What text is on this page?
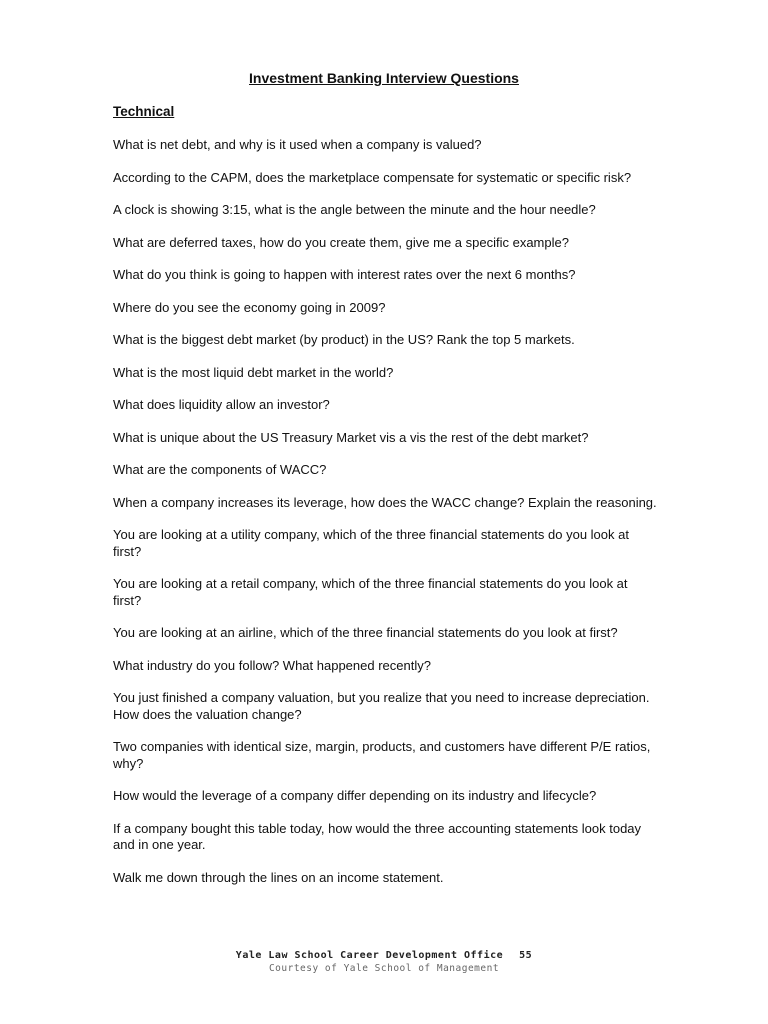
Investment Banking Interview Questions
Technical
What is net debt, and why is it used when a company is valued?
According to the CAPM, does the marketplace compensate for systematic or specific risk?
A clock is showing 3:15, what is the angle between the minute and the hour needle?
What are deferred taxes, how do you create them, give me a specific example?
What do you think is going to happen with interest rates over the next 6 months?
Where do you see the economy going in 2009?
What is the biggest debt market (by product) in the US? Rank the top 5 markets.
What is the most liquid debt market in the world?
What does liquidity allow an investor?
What is unique about the US Treasury Market vis a vis the rest of the debt market?
What are the components of WACC?
When a company increases its leverage, how does the WACC change? Explain the reasoning.
You are looking at a utility company, which of the three financial statements do you look at first?
You are looking at a retail company, which of the three financial statements do you look at first?
You are looking at an airline, which of the three financial statements do you look at first?
What industry do you follow? What happened recently?
You just finished a company valuation, but you realize that you need to increase depreciation. How does the valuation change?
Two companies with identical size, margin, products, and customers have different P/E ratios, why?
How would the leverage of a company differ depending on its industry and lifecycle?
If a company bought this table today, how would the three accounting statements look today and in one year.
Walk me down through the lines on an income statement.
Yale Law School Career Development Office 55
Courtesy of Yale School of Management
